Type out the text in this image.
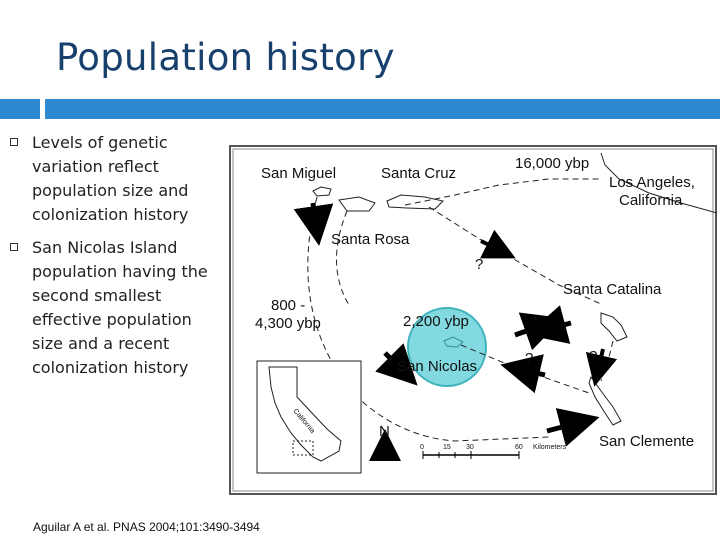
Population history
Levels of genetic
variation reflect
population size and
colonization history
San Nicolas Island
population having the
second smallest
effective population
size and a recent
colonization history
San Miguel	Santa Cruz
16,000 ybp
Los Angeles,
California
Santa Rosa
?
Santa Catalina
800 -
4,300 ybp	2,200 ybp
San Nicolas	?	?
San Clemente
N
0	15 30	60 Kilometers
California
Aguilar A et al. PNAS 2004;101:3490-3494
